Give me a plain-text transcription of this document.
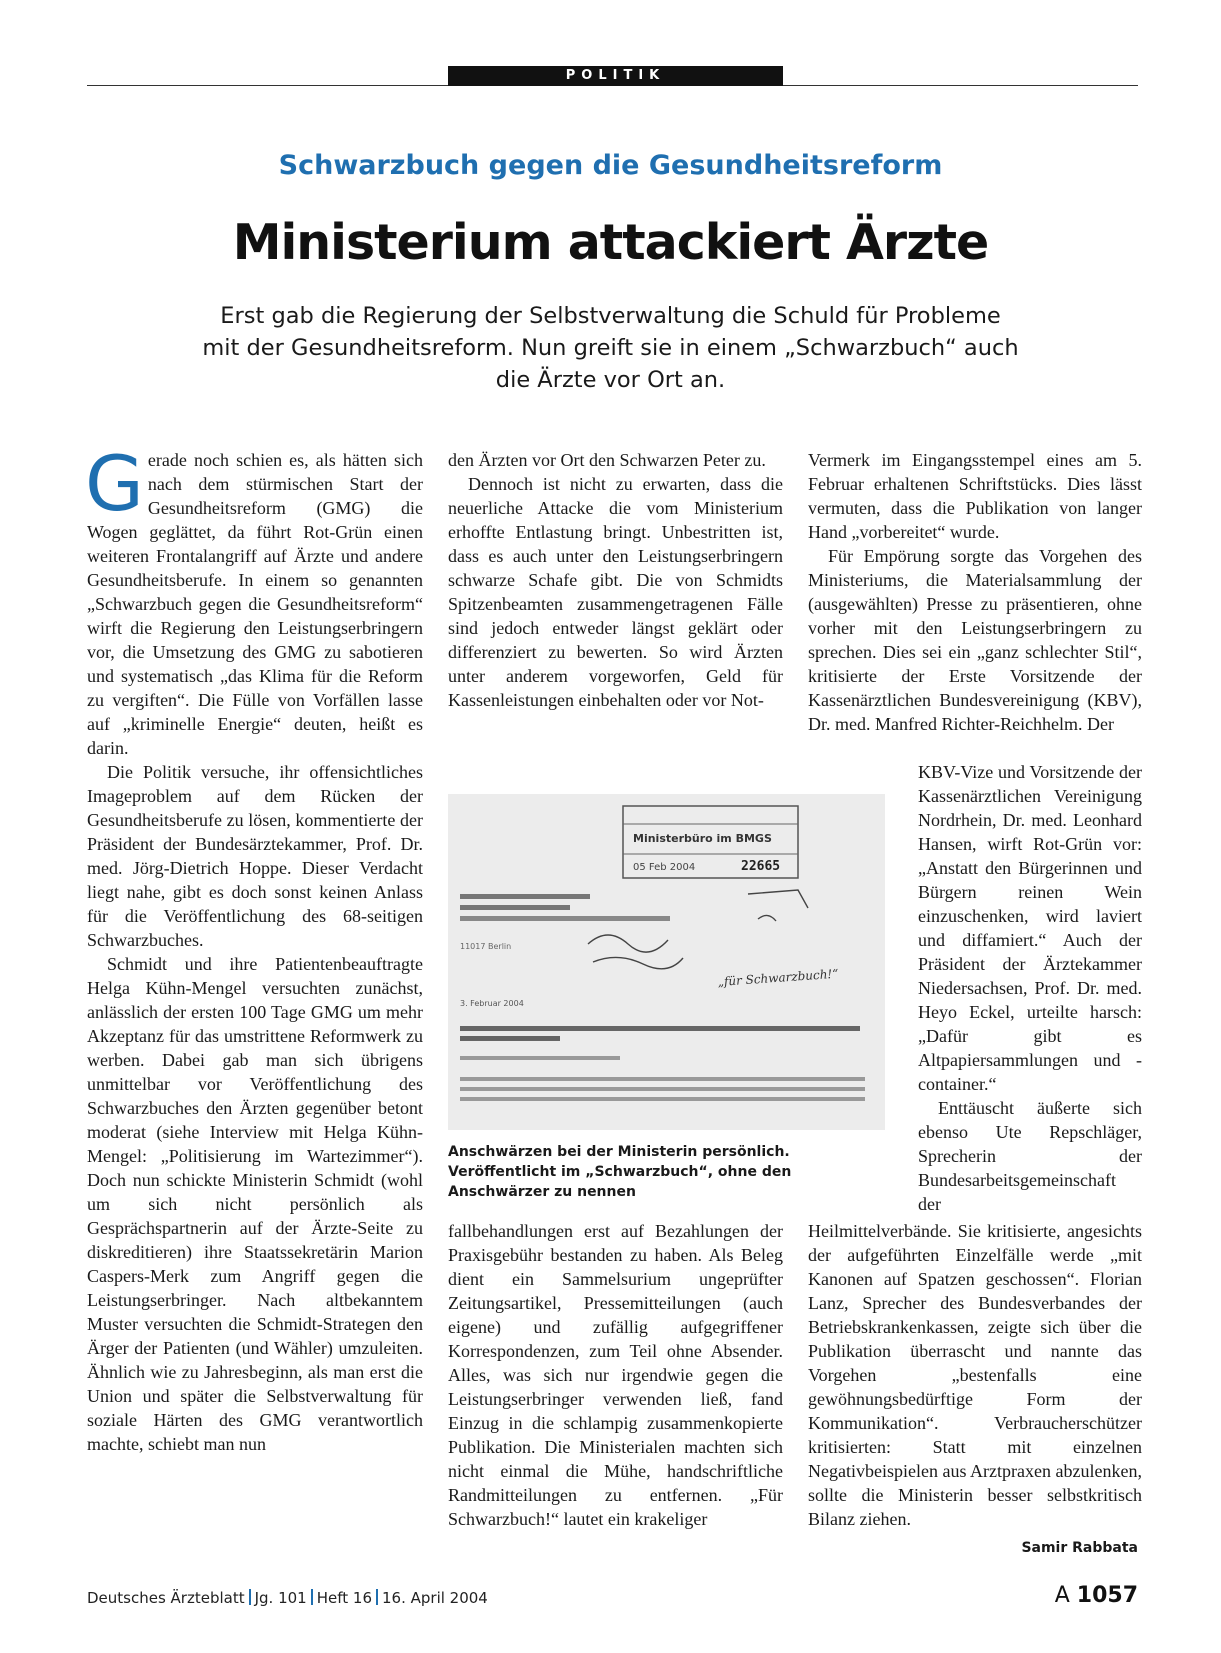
POLITIK
Schwarzbuch gegen die Gesundheitsreform
Ministerium attackiert Ärzte
Erst gab die Regierung der Selbstverwaltung die Schuld für Probleme mit der Gesundheitsreform. Nun greift sie in einem „Schwarzbuch“ auch die Ärzte vor Ort an.

Gerade noch schien es, als hätten sich nach dem stürmischen Start der Gesundheitsreform (GMG) die Wogen geglättet, da führt Rot-Grün einen weiteren Frontalangriff auf Ärzte und andere Gesundheitsberufe. In einem so genannten „Schwarzbuch gegen die Gesundheitsreform“ wirft die Regierung den Leistungserbringern vor, die Umsetzung des GMG zu sabotieren und systematisch „das Klima für die Reform zu vergiften“. Die Fülle von Vorfällen lasse auf „kriminelle Energie“ deuten, heißt es darin.

Die Politik versuche, ihr offensichtliches Imageproblem auf dem Rücken der Gesundheitsberufe zu lösen, kommentierte der Präsident der Bundesärztekammer, Prof. Dr. med. Jörg-Dietrich Hoppe. Dieser Verdacht liegt nahe, gibt es doch sonst keinen Anlass für die Veröffentlichung des 68-seitigen Schwarzbuches.

Schmidt und ihre Patientenbeauftragte Helga Kühn-Mengel versuchten zunächst, anlässlich der ersten 100 Tage GMG um mehr Akzeptanz für das umstrittene Reformwerk zu werben. Dabei gab man sich übrigens unmittelbar vor Veröffentlichung des Schwarzbuches den Ärzten gegenüber betont moderat (siehe Interview mit Helga Kühn-Mengel: „Politisierung im Wartezimmer“). Doch nun schickte Ministerin Schmidt (wohl um sich nicht persönlich als Gesprächspartnerin auf der Ärzte-Seite zu diskreditieren) ihre Staatssekretärin Marion Caspers-Merk zum Angriff gegen die Leistungserbringer. Nach altbekanntem Muster versuchten die Schmidt-Strategen den Ärger der Patienten (und Wähler) umzuleiten. Ähnlich wie zu Jahresbeginn, als man erst die Union und später die Selbstverwaltung für soziale Härten des GMG verantwortlich machte, schiebt man nun

den Ärzten vor Ort den Schwarzen Peter zu.

Dennoch ist nicht zu erwarten, dass die neuerliche Attacke die vom Ministerium erhoffte Entlastung bringt. Unbestritten ist, dass es auch unter den Leistungserbringern schwarze Schafe gibt. Die von Schmidts Spitzenbeamten zusammengetragenen Fälle sind jedoch entweder längst geklärt oder differenziert zu bewerten. So wird Ärzten unter anderem vorgeworfen, Geld für Kassenleistungen einbehalten oder vor Not-

Ministerbüro im BMGS
05 Feb 2004	22665
11017 Berlin
„für Schwarzbuch!“
3. Februar 2004
Anschwärzen bei der Ministerin persönlich. Veröffentlicht im „Schwarzbuch“, ohne den Anschwärzer zu nennen

fallbehandlungen erst auf Bezahlungen der Praxisgebühr bestanden zu haben. Als Beleg dient ein Sammelsurium ungeprüfter Zeitungsartikel, Pressemitteilungen (auch eigene) und zufällig aufgegriffener Korrespondenzen, zum Teil ohne Absender. Alles, was sich nur irgendwie gegen die Leistungserbringer verwenden ließ, fand Einzug in die schlampig zusammenkopierte Publikation. Die Ministerialen machten sich nicht einmal die Mühe, handschriftliche Randmitteilungen zu entfernen. „Für Schwarzbuch!“ lautet ein krakeliger

Vermerk im Eingangsstempel eines am 5. Februar erhaltenen Schriftstücks. Dies lässt vermuten, dass die Publikation von langer Hand „vorbereitet“ wurde.

Für Empörung sorgte das Vorgehen des Ministeriums, die Materialsammlung der (ausgewählten) Presse zu präsentieren, ohne vorher mit den Leistungserbringern zu sprechen. Dies sei ein „ganz schlechter Stil“, kritisierte der Erste Vorsitzende der Kassenärztlichen Bundesvereinigung (KBV), Dr. med. Manfred Richter-Reichhelm. Der

KBV-Vize und Vorsitzende der Kassenärztlichen Vereinigung Nordrhein, Dr. med. Leonhard Hansen, wirft Rot-Grün vor: „Anstatt den Bürgerinnen und Bürgern reinen Wein einzuschenken, wird laviert und diffamiert.“ Auch der Präsident der Ärztekammer Niedersachsen, Prof. Dr. med. Heyo Eckel, urteilte harsch: „Dafür gibt es Altpapiersammlungen und -container.“

Enttäuscht äußerte sich ebenso Ute Repschläger, Sprecherin der Bundesarbeitsgemeinschaft der

Heilmittelverbände. Sie kritisierte, angesichts der aufgeführten Einzelfälle werde „mit Kanonen auf Spatzen geschossen“. Florian Lanz, Sprecher des Bundesverbandes der Betriebskrankenkassen, zeigte sich über die Publikation überrascht und nannte das Vorgehen „bestenfalls eine gewöhnungsbedürftige Form der Kommunikation“. Verbraucherschützer kritisierten: Statt mit einzelnen Negativbeispielen aus Arztpraxen abzulenken, sollte die Ministerin besser selbstkritisch Bilanz ziehen.

Samir Rabbata
Deutsches Ärzteblatt Jg. 101 Heft 16 16. April 2004	A 1057
